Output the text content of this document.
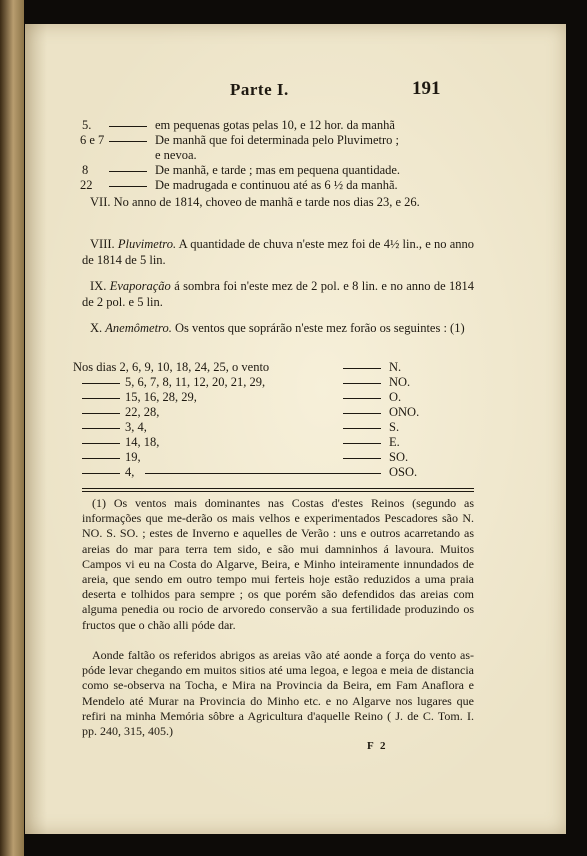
Parte I.	191
5.	em pequenas gotas pelas 10, e 12 hor. da manhã
6 e 7	De manhã que foi determinada pelo Pluvimetro ;
e nevoa.
8	De manhã, e tarde ; mas em pequena quantidade.
22	De madrugada e continuou até as 6 ½ da manhã.

VII. No anno de 1814, choveo de manhã e tarde nos dias 23, e 26.

VIII. Pluvimetro. A quantidade de chuva n'este mez foi de 4½ lin., e no anno de 1814 de 5 lin.

IX. Evaporação á sombra foi n'este mez de 2 pol. e 8 lin. e no anno de 1814 de 2 pol. e 5 lin.

X. Anemômetro. Os ventos que soprárão n'este mez forão os seguintes : (1)

Nos dias 2, 6, 9, 10, 18, 24, 25, o vento	N.
5, 6, 7, 8, 11, 12, 20, 21, 29,	NO.
15, 16, 28, 29,	O.
22, 28,	ONO.
3, 4,	S.
14, 18,	E.
19,	SO.
4,	OSO.

(1) Os ventos mais dominantes nas Costas d'estes Reinos (segundo as informações que me-derão os mais velhos e experimentados Pescadores são N. NO. S. SO. ; estes de Inverno e aquelles de Verão : uns e outros acarretando as areias do mar para terra tem sido, e são mui damninhos á lavoura. Muitos Campos vi eu na Costa do Algarve, Beira, e Minho inteiramente innundados de areia, que sendo em outro tempo mui ferteis hoje estão reduzidos a uma praia deserta e tolhidos para sempre ; os que porém são defendidos das areias com alguma penedia ou rocio de arvoredo conservão a sua fertilidade produzindo os fructos que o chão alli póde dar.

Aonde faltão os referidos abrigos as areias vão até aonde a força do vento as-póde levar chegando em muitos sitios até uma legoa, e legoa e meia de distancia como se-observa na Tocha, e Mira na Provincia da Beira, em Fam Anaflora e Mendelo até Murar na Provincia do Minho etc. e no Algarve nos lugares que refiri na minha Memória sôbre a Agricultura d'aquelle Reino ( J. de C. Tom. I. pp. 240, 315, 405.)

F 2
